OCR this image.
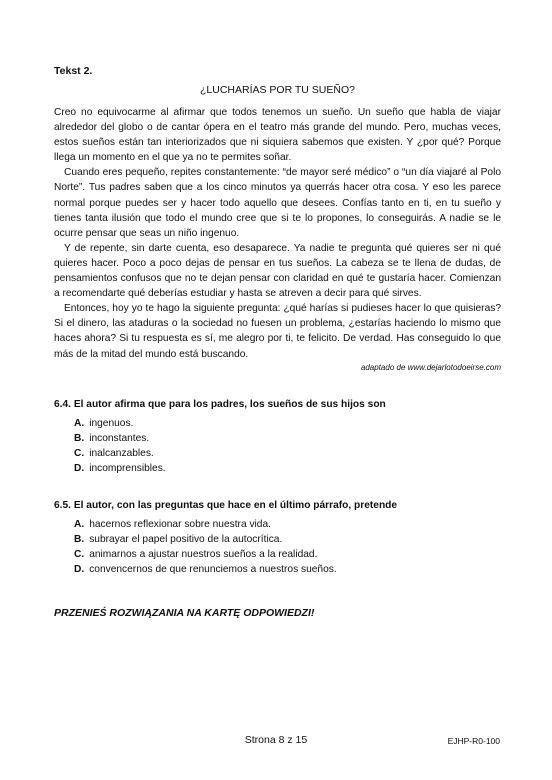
Tekst 2.

¿LUCHARÍAS POR TU SUEÑO?

Creo no equivocarme al afirmar que todos tenemos un sueño. Un sueño que habla de viajar alrededor del globo o de cantar ópera en el teatro más grande del mundo. Pero, muchas veces, estos sueños están tan interiorizados que ni siquiera sabemos que existen. Y ¿por qué? Porque llega un momento en el que ya no te permites soñar.

Cuando eres pequeño, repites constantemente: “de mayor seré médico” o “un día viajaré al Polo Norte”. Tus padres saben que a los cinco minutos ya querrás hacer otra cosa. Y eso les parece normal porque puedes ser y hacer todo aquello que desees. Confías tanto en ti, en tu sueño y tienes tanta ilusión que todo el mundo cree que si te lo propones, lo conseguirás. A nadie se le ocurre pensar que seas un niño ingenuo.

Y de repente, sin darte cuenta, eso desaparece. Ya nadie te pregunta qué quieres ser ni qué quieres hacer. Poco a poco dejas de pensar en tus sueños. La cabeza se te llena de dudas, de pensamientos confusos que no te dejan pensar con claridad en qué te gustaría hacer. Comienzan a recomendarte qué deberías estudiar y hasta se atreven a decir para qué sirves.

Entonces, hoy yo te hago la siguiente pregunta: ¿qué harías si pudieses hacer lo que quisieras? Si el dinero, las ataduras o la sociedad no fuesen un problema, ¿estarías haciendo lo mismo que haces ahora? Si tu respuesta es sí, me alegro por ti, te felicito. De verdad. Has conseguido lo que más de la mitad del mundo está buscando.

adaptado de www.dejarlotodoeirse.com

6.4. El autor afirma que para los padres, los sueños de sus hijos son

A. ingenuos.

B. inconstantes.

C. inalcanzables.

D. incomprensibles.

6.5. El autor, con las preguntas que hace en el último párrafo, pretende

A. hacernos reflexionar sobre nuestra vida.

B. subrayar el papel positivo de la autocrítica.

C. animarnos a ajustar nuestros sueños a la realidad.

D. convencernos de que renunciemos a nuestros sueños.

PRZENIEŚ ROZWIĄZANIA NA KARTĘ ODPOWIEDZI!
Strona 8 z 15	EJHP-R0-100
